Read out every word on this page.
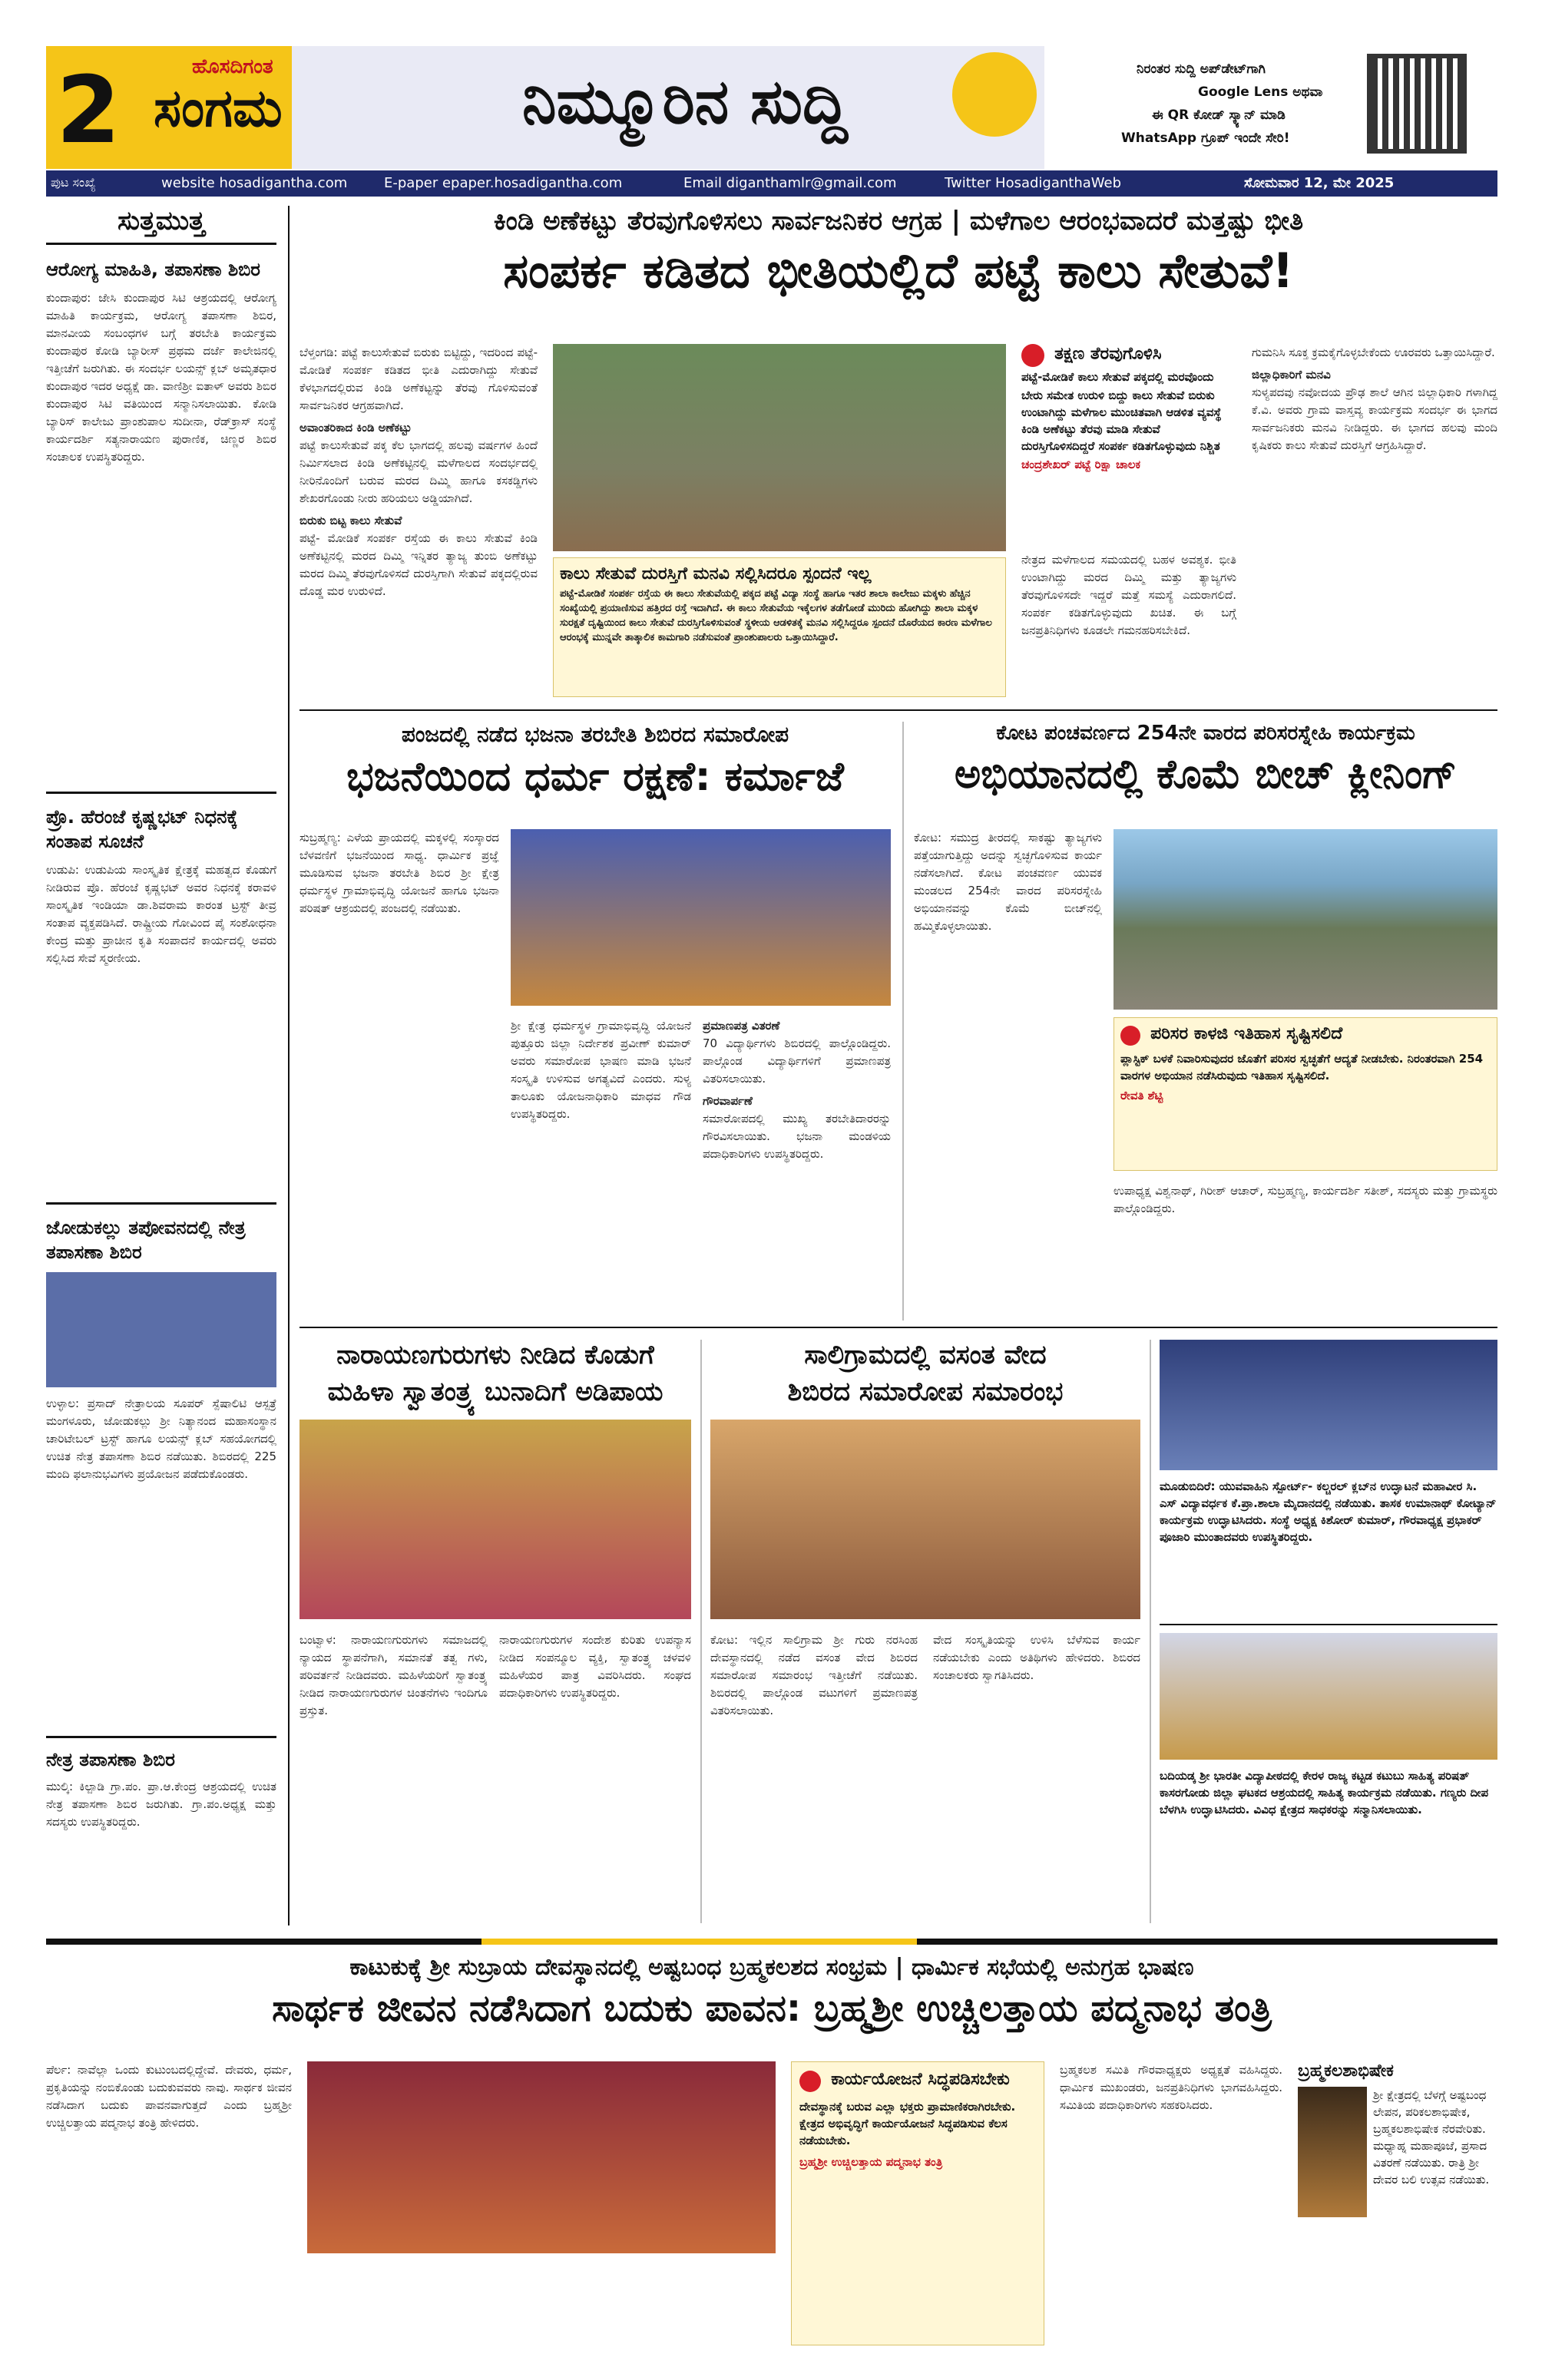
2	ಹೊಸದಿಗಂತ
ಸಂಗಮ	ನಿಮ್ಮೂರಿನ ಸುದ್ದಿ	ನಿರಂತರ ಸುದ್ದಿ ಅಪ್‌ಡೇಟ್‌ಗಾಗಿ
Google Lens ಅಥವಾ
ಈ QR ಕೋಡ್ ಸ್ಕ್ಯಾನ್ ಮಾಡಿ
WhatsApp ಗ್ರೂಪ್ ಇಂದೇ ಸೇರಿ!
ಪುಟ ಸಂಖ್ಯೆ	website hosadigantha.com	E-paper epaper.hosadigantha.com	Email diganthamlr@gmail.com	Twitter HosadiganthaWeb	ಸೋಮವಾರ 12, ಮೇ 2025
ಸುತ್ತಮುತ್ತ
ಆರೋಗ್ಯ ಮಾಹಿತಿ, ತಪಾಸಣಾ ಶಿಬಿರ
ಕುಂದಾಪುರ: ಜೇಸಿ ಕುಂದಾಪುರ ಸಿಟಿ ಆಶ್ರಯದಲ್ಲಿ ಆರೋಗ್ಯ ಮಾಹಿತಿ ಕಾರ್ಯಕ್ರಮ, ಆರೋಗ್ಯ ತಪಾಸಣಾ ಶಿಬಿರ, ಮಾನವೀಯ ಸಂಬಂಧಗಳ ಬಗ್ಗೆ ತರಬೇತಿ ಕಾರ್ಯಕ್ರಮ ಕುಂದಾಪುರ ಕೋಡಿ ಬ್ಯಾರೀಸ್ ಪ್ರಥಮ ದರ್ಜೆ ಕಾಲೇಜಿನಲ್ಲಿ ಇತ್ತೀಚೆಗೆ ಜರುಗಿತು. ಈ ಸಂದರ್ಭ ಲಯನ್ಸ್ ಕ್ಲಬ್ ಅಮೃತಧಾರ ಕುಂದಾಪುರ ಇದರ ಅಧ್ಯಕ್ಷೆ ಡಾ. ವಾಣಿಶ್ರೀ ಐತಾಳ್ ಅವರು ಶಿಬಿರ ಕುಂದಾಪುರ ಸಿಟಿ ವತಿಯಿಂದ ಸನ್ಮಾನಿಸಲಾಯಿತು. ಕೋಡಿ ಬ್ಯಾರಿಸ್ ಕಾಲೇಜು ಪ್ರಾಂಶುಪಾಲ ಸುದೀನಾ, ರೆಡ್‌ಕ್ರಾಸ್ ಸಂಸ್ಥೆ ಕಾರ್ಯದರ್ಶಿ ಸತ್ಯನಾರಾಯಣ ಪುರಾಣಿಕ, ಚಿಣ್ಣರ ಶಿಬಿರ ಸಂಚಾಲಕ ಉಪಸ್ಥಿತರಿದ್ದರು.
ಪ್ರೊ. ಹೆರಂಜೆ ಕೃಷ್ಣಭಟ್ ನಿಧನಕ್ಕೆ ಸಂತಾಪ ಸೂಚನೆ
ಉಡುಪಿ: ಉಡುಪಿಯ ಸಾಂಸ್ಕೃತಿಕ ಕ್ಷೇತ್ರಕ್ಕೆ ಮಹತ್ವದ ಕೊಡುಗೆ ನೀಡಿರುವ ಪ್ರೊ. ಹೆರಂಜೆ ಕೃಷ್ಣಭಟ್ ಅವರ ನಿಧನಕ್ಕೆ ಕರಾವಳಿ ಸಾಂಸ್ಕೃತಿಕ ಇಂಡಿಯಾ ಡಾ.ಶಿವರಾಮ ಕಾರಂತ ಟ್ರಸ್ಟ್ ತೀವ್ರ ಸಂತಾಪ ವ್ಯಕ್ತಪಡಿಸಿದೆ. ರಾಷ್ಟ್ರೀಯ ಗೋವಿಂದ ಪೈ ಸಂಶೋಧನಾ ಕೇಂದ್ರ ಮತ್ತು ಪ್ರಾಚೀನ ಕೃತಿ ಸಂಪಾದನೆ ಕಾರ್ಯದಲ್ಲಿ ಅವರು ಸಲ್ಲಿಸಿದ ಸೇವೆ ಸ್ಮರಣೀಯ.
ಜೋಡುಕಲ್ಲು ತಪೋವನದಲ್ಲಿ ನೇತ್ರ ತಪಾಸಣಾ ಶಿಬಿರ
ಉಳ್ಳಾಲ: ಪ್ರಸಾದ್ ನೇತ್ರಾಲಯ ಸೂಪರ್ ಸ್ಪೆಷಾಲಿಟಿ ಆಸ್ಪತ್ರೆ ಮಂಗಳೂರು, ಜೋಡುಕಲ್ಲು ಶ್ರೀ ನಿತ್ಯಾನಂದ ಮಹಾಸಂಸ್ಥಾನ ಚಾರಿಟೇಬಲ್ ಟ್ರಸ್ಟ್ ಹಾಗೂ ಲಯನ್ಸ್ ಕ್ಲಬ್ ಸಹಯೋಗದಲ್ಲಿ ಉಚಿತ ನೇತ್ರ ತಪಾಸಣಾ ಶಿಬಿರ ನಡೆಯಿತು. ಶಿಬಿರದಲ್ಲಿ 225 ಮಂದಿ ಫಲಾನುಭವಿಗಳು ಪ್ರಯೋಜನ ಪಡೆದುಕೊಂಡರು.
ನೇತ್ರ ತಪಾಸಣಾ ಶಿಬಿರ
ಮುಲ್ಕಿ: ಕಿಲ್ಪಾಡಿ ಗ್ರಾ.ಪಂ. ಪ್ರಾ.ಆ.ಕೇಂದ್ರ ಆಶ್ರಯದಲ್ಲಿ ಉಚಿತ ನೇತ್ರ ತಪಾಸಣಾ ಶಿಬಿರ ಜರುಗಿತು. ಗ್ರಾ.ಪಂ.ಅಧ್ಯಕ್ಷ ಮತ್ತು ಸದಸ್ಯರು ಉಪಸ್ಥಿತರಿದ್ದರು.
ಕಿಂಡಿ ಅಣೆಕಟ್ಟು ತೆರವುಗೊಳಿಸಲು ಸಾರ್ವಜನಿಕರ ಆಗ್ರಹ | ಮಳೆಗಾಲ ಆರಂಭವಾದರೆ ಮತ್ತಷ್ಟು ಭೀತಿ
ಸಂಪರ್ಕ ಕಡಿತದ ಭೀತಿಯಲ್ಲಿದೆ ಪಟ್ಟೆ ಕಾಲು ಸೇತುವೆ!
ಬೆಳ್ತಂಗಡಿ: ಪಟ್ಟೆ ಕಾಲುಸೇತುವೆ ಬಿರುಕು ಬಿಟ್ಟಿದ್ದು, ಇದರಿಂದ ಪಟ್ಟೆ- ಮೋಡಿಕೆ ಸಂಪರ್ಕ ಕಡಿತದ ಭೀತಿ ಎದುರಾಗಿದ್ದು ಸೇತುವೆ ಕೆಳಭಾಗದಲ್ಲಿರುವ ಕಿಂಡಿ ಅಣೆಕಟ್ಟನ್ನು ತೆರವು ಗೊಳಿಸುವಂತೆ ಸಾರ್ವಜನಿಕರ ಆಗ್ರಹವಾಗಿದೆ.
ಅವಾಂತರಿಕಾದ ಕಿಂಡಿ ಅಣೆಕಟ್ಟು
ಪಟ್ಟೆ ಕಾಲುಸೇತುವೆ ಪಕ್ಕ ಕೆಲ ಭಾಗದಲ್ಲಿ ಹಲವು ವರ್ಷಗಳ ಹಿಂದೆ ನಿರ್ಮಿಸಲಾದ ಕಿಂಡಿ ಅಣೆಕಟ್ಟಿನಲ್ಲಿ ಮಳೆಗಾಲದ ಸಂದರ್ಭದಲ್ಲಿ ನೀರಿನೊಂದಿಗೆ ಬರುವ ಮರದ ದಿಮ್ಮಿ ಹಾಗೂ ಕಸಕಡ್ಡಿಗಳು ಶೇಖರಗೊಂಡು ನೀರು ಹರಿಯಲು ಅಡ್ಡಿಯಾಗಿದೆ.
ಬಿರುಕು ಬಿಟ್ಟ ಕಾಲು ಸೇತುವೆ
ಪಟ್ಟೆ- ಮೋಡಿಕೆ ಸಂಪರ್ಕ ರಸ್ತೆಯ ಈ ಕಾಲು ಸೇತುವೆ ಕಿಂಡಿ ಅಣೆಕಟ್ಟಿನಲ್ಲಿ ಮರದ ದಿಮ್ಮಿ ಇನ್ನಿತರ ತ್ಯಾಜ್ಯ ತುಂಬಿ ಅಣೆಕಟ್ಟು ಮರದ ದಿಮ್ಮಿ ತೆರವುಗೊಳಿಸದೆ ದುರಸ್ತಿಗಾಗಿ ಸೇತುವೆ ಪಕ್ಕದಲ್ಲಿರುವ ದೊಡ್ಡ ಮರ ಉರುಳಿದೆ.
ಕಾಲು ಸೇತುವೆ ದುರಸ್ತಿಗೆ ಮನವಿ ಸಲ್ಲಿಸಿದರೂ ಸ್ಪಂದನೆ ಇಲ್ಲ
ಪಟ್ಟೆ-ಮೋಡಿಕೆ ಸಂಪರ್ಕ ರಸ್ತೆಯ ಈ ಕಾಲು ಸೇತುವೆಯಲ್ಲಿ ಪಕ್ಕದ ಪಟ್ಟೆ ವಿದ್ಯಾ ಸಂಸ್ಥೆ ಹಾಗೂ ಇತರ ಶಾಲಾ ಕಾಲೇಜು ಮಕ್ಕಳು ಹೆಚ್ಚಿನ ಸಂಖ್ಯೆಯಲ್ಲಿ ಪ್ರಯಾಣಿಸುವ ಹತ್ತಿರದ ರಸ್ತೆ ಇದಾಗಿದೆ. ಈ ಕಾಲು ಸೇತುವೆಯ ಇಕ್ಕೆಲಗಳ ತಡೆಗೋಡೆ ಮುರಿದು ಹೋಗಿದ್ದು ಶಾಲಾ ಮಕ್ಕಳ ಸುರಕ್ಷತೆ ದೃಷ್ಟಿಯಿಂದ ಕಾಲು ಸೇತುವೆ ದುರಸ್ತಿಗೊಳಿಸುವಂತೆ ಸ್ಥಳೀಯ ಆಡಳಿತಕ್ಕೆ ಮನವಿ ಸಲ್ಲಿಸಿದ್ದರೂ ಸ್ಪಂದನೆ ದೊರೆಯದ ಕಾರಣ ಮಳೆಗಾಲ ಆರಂಭಕ್ಕೆ ಮುನ್ನವೇ ತಾತ್ಕಾಲಿಕ ಕಾಮಗಾರಿ ನಡೆಸುವಂತೆ ಪ್ರಾಂಶುಪಾಲರು ಒತ್ತಾಯಿಸಿದ್ದಾರೆ.
ತಕ್ಷಣ ತೆರವುಗೊಳಿಸಿ
ಪಟ್ಟೆ-ಮೋಡಿಕೆ ಕಾಲು ಸೇತುವೆ ಪಕ್ಕದಲ್ಲಿ ಮರವೊಂದು
ಬೇರು ಸಮೇತ ಉರುಳಿ ಬಿದ್ದು ಕಾಲು ಸೇತುವೆ ಬಿರುಕು ಉಂಟಾಗಿದ್ದು ಮಳೆಗಾಲ ಮುಂಚಿತವಾಗಿ ಆಡಳಿತ ವ್ಯವಸ್ಥೆ ಕಿಂಡಿ ಅಣೆಕಟ್ಟು ತೆರವು ಮಾಡಿ ಸೇತುವೆ ದುರಸ್ತಿಗೊಳಿಸದಿದ್ದರೆ ಸಂಪರ್ಕ ಕಡಿತಗೊಳ್ಳುವುದು ನಿಶ್ಚಿತ
ಚಂದ್ರಶೇಖರ್ ಪಟ್ಟೆ ರಿಕ್ಷಾ ಚಾಲಕ
ನೇತ್ರದ ಮಳೆಗಾಲದ ಸಮಯದಲ್ಲಿ ಬಹಳ ಅವಶ್ಯಕ. ಭೀತಿ ಉಂಟಾಗಿದ್ದು ಮರದ ದಿಮ್ಮಿ ಮತ್ತು ತ್ಯಾಜ್ಯಗಳು ತೆರವುಗೊಳಿಸದೇ ಇದ್ದರೆ ಮತ್ತೆ ಸಮಸ್ಯೆ ಎದುರಾಗಲಿದೆ. ಸಂಪರ್ಕ ಕಡಿತಗೊಳ್ಳುವುದು ಖಚಿತ. ಈ ಬಗ್ಗೆ ಜನಪ್ರತಿನಿಧಿಗಳು ಕೂಡಲೇ ಗಮನಹರಿಸಬೇಕಿದೆ.
ಗುಮನಿಸಿ ಸೂಕ್ತ ಕ್ರಮಕೈಗೊಳ್ಳಬೇಕೆಂದು ಊರವರು ಒತ್ತಾಯಿಸಿದ್ದಾರೆ.
ಜಿಲ್ಲಾಧಿಕಾರಿಗೆ ಮನವಿ
ಸುಳ್ಯಪದವು ನವೋದಯ ಪ್ರೌಢ ಶಾಲೆ ಆಗಿನ ಜಿಲ್ಲಾಧಿಕಾರಿ ಗಳಾಗಿದ್ದ ಕೆ.ವಿ. ಅವರು ಗ್ರಾಮ ವಾಸ್ತವ್ಯ ಕಾರ್ಯಕ್ರಮ ಸಂದರ್ಭ ಈ ಭಾಗದ ಸಾರ್ವಜನಿಕರು ಮನವಿ ನೀಡಿದ್ದರು. ಈ ಭಾಗದ ಹಲವು ಮಂದಿ ಕೃಷಿಕರು ಕಾಲು ಸೇತುವೆ ದುರಸ್ತಿಗೆ ಆಗ್ರಹಿಸಿದ್ದಾರೆ.
ಪಂಜದಲ್ಲಿ ನಡೆದ ಭಜನಾ ತರಬೇತಿ ಶಿಬಿರದ ಸಮಾರೋಪ
ಭಜನೆಯಿಂದ ಧರ್ಮ ರಕ್ಷಣೆ: ಕರ್ಮಾಜೆ
ಸುಬ್ರಹ್ಮಣ್ಯ: ಎಳೆಯ ಪ್ರಾಯದಲ್ಲಿ ಮಕ್ಕಳಲ್ಲಿ ಸಂಸ್ಕಾರದ ಬೆಳವಣಿಗೆ ಭಜನೆಯಿಂದ ಸಾಧ್ಯ. ಧಾರ್ಮಿಕ ಪ್ರಜ್ಞೆ ಮೂಡಿಸುವ ಭಜನಾ ತರಬೇತಿ ಶಿಬಿರ ಶ್ರೀ ಕ್ಷೇತ್ರ ಧರ್ಮಸ್ಥಳ ಗ್ರಾಮಾಭಿವೃದ್ಧಿ ಯೋಜನೆ ಹಾಗೂ ಭಜನಾ ಪರಿಷತ್ ಆಶ್ರಯದಲ್ಲಿ ಪಂಜದಲ್ಲಿ ನಡೆಯಿತು.
ಶ್ರೀ ಕ್ಷೇತ್ರ ಧರ್ಮಸ್ಥಳ ಗ್ರಾಮಾಭಿವೃದ್ಧಿ ಯೋಜನೆ ಪುತ್ತೂರು ಜಿಲ್ಲಾ ನಿರ್ದೇಶಕ ಪ್ರವೀಣ್ ಕುಮಾರ್ ಅವರು ಸಮಾರೋಪ ಭಾಷಣ ಮಾಡಿ ಭಜನೆ ಸಂಸ್ಕೃತಿ ಉಳಿಸುವ ಅಗತ್ಯವಿದೆ ಎಂದರು. ಸುಳ್ಯ ತಾಲೂಕು ಯೋಜನಾಧಿಕಾರಿ ಮಾಧವ ಗೌಡ ಉಪಸ್ಥಿತರಿದ್ದರು.
ಪ್ರಮಾಣಪತ್ರ ವಿತರಣೆ
70 ವಿದ್ಯಾರ್ಥಿಗಳು ಶಿಬಿರದಲ್ಲಿ ಪಾಲ್ಗೊಂಡಿದ್ದರು. ಪಾಲ್ಗೊಂಡ ವಿದ್ಯಾರ್ಥಿಗಳಿಗೆ ಪ್ರಮಾಣಪತ್ರ ವಿತರಿಸಲಾಯಿತು.
ಗೌರವಾರ್ಪಣೆ
ಸಮಾರೋಪದಲ್ಲಿ ಮುಖ್ಯ ತರಬೇತಿದಾರರನ್ನು ಗೌರವಿಸಲಾಯಿತು. ಭಜನಾ ಮಂಡಳಿಯ ಪದಾಧಿಕಾರಿಗಳು ಉಪಸ್ಥಿತರಿದ್ದರು.
ಕೋಟ ಪಂಚವರ್ಣದ 254ನೇ ವಾರದ ಪರಿಸರಸ್ನೇಹಿ ಕಾರ್ಯಕ್ರಮ
ಅಭಿಯಾನದಲ್ಲಿ ಕೊಮೆ ಬೀಚ್ ಕ್ಲೀನಿಂಗ್
ಕೋಟ: ಸಮುದ್ರ ತೀರದಲ್ಲಿ ಸಾಕಷ್ಟು ತ್ಯಾಜ್ಯಗಳು ಪತ್ತೆಯಾಗುತ್ತಿದ್ದು ಅದನ್ನು ಸ್ವಚ್ಛಗೊಳಿಸುವ ಕಾರ್ಯ ನಡೆಸಲಾಗಿದೆ. ಕೋಟ ಪಂಚವರ್ಣ ಯುವಕ ಮಂಡಲದ 254ನೇ ವಾರದ ಪರಿಸರಸ್ನೇಹಿ ಅಭಿಯಾನವನ್ನು ಕೊಮೆ ಬೀಚ್‌ನಲ್ಲಿ ಹಮ್ಮಿಕೊಳ್ಳಲಾಯಿತು.
ಪರಿಸರ ಕಾಳಜಿ ಇತಿಹಾಸ ಸೃಷ್ಟಿಸಲಿದೆ
ಪ್ಲಾಸ್ಟಿಕ್ ಬಳಕೆ ನಿವಾರಿಸುವುದರ ಜೊತೆಗೆ ಪರಿಸರ ಸ್ವಚ್ಛತೆಗೆ ಆದ್ಯತೆ ನೀಡಬೇಕು. ನಿರಂತರವಾಗಿ 254 ವಾರಗಳ ಅಭಿಯಾನ ನಡೆಸಿರುವುದು ಇತಿಹಾಸ ಸೃಷ್ಟಿಸಲಿದೆ.
ರೇವತಿ ಶೆಟ್ಟಿ
ಉಪಾಧ್ಯಕ್ಷ ವಿಶ್ವನಾಥ್, ಗಿರೀಶ್ ಆಚಾರ್, ಸುಬ್ರಹ್ಮಣ್ಯ, ಕಾರ್ಯದರ್ಶಿ ಸತೀಶ್, ಸದಸ್ಯರು ಮತ್ತು ಗ್ರಾಮಸ್ಥರು ಪಾಲ್ಗೊಂಡಿದ್ದರು.
ನಾರಾಯಣಗುರುಗಳು ನೀಡಿದ ಕೊಡುಗೆ
ಮಹಿಳಾ ಸ್ವಾತಂತ್ರ್ಯ ಬುನಾದಿಗೆ ಅಡಿಪಾಯ
ಬಂಟ್ವಾಳ: ನಾರಾಯಣಗುರುಗಳು ಸಮಾಜದಲ್ಲಿ ನ್ಯಾಯದ ಸ್ಥಾಪನೆಗಾಗಿ, ಸಮಾನತೆ ತತ್ವ ಗಳು, ಪರಿವರ್ತನೆ ನೀಡಿದವರು. ಮಹಿಳೆಯರಿಗೆ ಸ್ವಾತಂತ್ರ್ಯ ನೀಡಿದ ನಾರಾಯಣಗುರುಗಳ ಚಿಂತನೆಗಳು ಇಂದಿಗೂ ಪ್ರಸ್ತುತ.
ನಾರಾಯಣಗುರುಗಳ ಸಂದೇಶ ಕುರಿತು ಉಪನ್ಯಾಸ ನೀಡಿದ ಸಂಪನ್ಮೂಲ ವ್ಯಕ್ತಿ, ಸ್ವಾತಂತ್ರ್ಯ ಚಳವಳಿ ಮಹಿಳೆಯರ ಪಾತ್ರ ವಿವರಿಸಿದರು. ಸಂಘದ ಪದಾಧಿಕಾರಿಗಳು ಉಪಸ್ಥಿತರಿದ್ದರು.
ಸಾಲಿಗ್ರಾಮದಲ್ಲಿ ವಸಂತ ವೇದ
ಶಿಬಿರದ ಸಮಾರೋಪ ಸಮಾರಂಭ
ಕೋಟ: ಇಲ್ಲಿನ ಸಾಲಿಗ್ರಾಮ ಶ್ರೀ ಗುರು ನರಸಿಂಹ ದೇವಸ್ಥಾನದಲ್ಲಿ ನಡೆದ ವಸಂತ ವೇದ ಶಿಬಿರದ ಸಮಾರೋಪ ಸಮಾರಂಭ ಇತ್ತೀಚೆಗೆ ನಡೆಯಿತು. ಶಿಬಿರದಲ್ಲಿ ಪಾಲ್ಗೊಂಡ ವಟುಗಳಿಗೆ ಪ್ರಮಾಣಪತ್ರ ವಿತರಿಸಲಾಯಿತು.
ವೇದ ಸಂಸ್ಕೃತಿಯನ್ನು ಉಳಿಸಿ ಬೆಳೆಸುವ ಕಾರ್ಯ ನಡೆಯಬೇಕು ಎಂದು ಅತಿಥಿಗಳು ಹೇಳಿದರು. ಶಿಬಿರದ ಸಂಚಾಲಕರು ಸ್ವಾಗತಿಸಿದರು.
ಮೂಡುಬಿದಿರೆ: ಯುವವಾಹಿನಿ ಸ್ಪೋರ್ಟ್- ಕಲ್ಚರಲ್ ಕ್ಲಬ್‌ನ ಉದ್ಘಾಟನೆ ಮಹಾವೀರ ಸಿ. ಎಸ್ ವಿದ್ಯಾವರ್ಧಕ ಕೆ.ಪ್ರಾ.ಶಾಲಾ ಮೈದಾನದಲ್ಲಿ ನಡೆಯಿತು. ತಾಸಕ ಉಮಾನಾಥ್ ಕೋಟ್ಯಾನ್ ಕಾರ್ಯಕ್ರಮ ಉದ್ಘಾಟಿಸಿದರು. ಸಂಸ್ಥೆ ಅಧ್ಯಕ್ಷ ಕಿಶೋರ್ ಕುಮಾರ್, ಗೌರವಾಧ್ಯಕ್ಷ ಪ್ರಭಾಕರ್ ಪೂಜಾರಿ ಮುಂತಾದವರು ಉಪಸ್ಥಿತರಿದ್ದರು.
ಬದಿಯಡ್ಕ ಶ್ರೀ ಭಾರತೀ ವಿದ್ಯಾಪೀಠದಲ್ಲಿ ಕೇರಳ ರಾಜ್ಯ ಕಟ್ಟಡ ಕಟುಬು ಸಾಹಿತ್ಯ ಪರಿಷತ್ ಕಾಸರಗೋಡು ಜಿಲ್ಲಾ ಘಟಕದ ಆಶ್ರಯದಲ್ಲಿ ಸಾಹಿತ್ಯ ಕಾರ್ಯಕ್ರಮ ನಡೆಯಿತು. ಗಣ್ಯರು ದೀಪ ಬೆಳಗಿಸಿ ಉದ್ಘಾಟಿಸಿದರು. ವಿವಿಧ ಕ್ಷೇತ್ರದ ಸಾಧಕರನ್ನು ಸನ್ಮಾನಿಸಲಾಯಿತು.
ಕಾಟುಕುಕ್ಕೆ ಶ್ರೀ ಸುಬ್ರಾಯ ದೇವಸ್ಥಾನದಲ್ಲಿ ಅಷ್ಟಬಂಧ ಬ್ರಹ್ಮಕಲಶದ ಸಂಭ್ರಮ | ಧಾರ್ಮಿಕ ಸಭೆಯಲ್ಲಿ ಅನುಗ್ರಹ ಭಾಷಣ
ಸಾರ್ಥಕ ಜೀವನ ನಡೆಸಿದಾಗ ಬದುಕು ಪಾವನ: ಬ್ರಹ್ಮಶ್ರೀ ಉಚ್ಚಿಲತ್ತಾಯ ಪದ್ಮನಾಭ ತಂತ್ರಿ
ಪೆರ್ಲ: ನಾವೆಲ್ಲಾ ಒಂದು ಕುಟುಂಬದಲ್ಲಿದ್ದೇವೆ. ದೇವರು, ಧರ್ಮ, ಪ್ರಕೃತಿಯನ್ನು ನಂಬಿಕೊಂಡು ಬದುಕುವವರು ನಾವು. ಸಾರ್ಥಕ ಜೀವನ ನಡೆಸಿದಾಗ ಬದುಕು ಪಾವನವಾಗುತ್ತದೆ ಎಂದು ಬ್ರಹ್ಮಶ್ರೀ ಉಚ್ಚಿಲತ್ತಾಯ ಪದ್ಮನಾಭ ತಂತ್ರಿ ಹೇಳಿದರು.
ಕಾರ್ಯಯೋಜನೆ ಸಿದ್ಧಪಡಿಸಬೇಕು
ದೇವಸ್ಥಾನಕ್ಕೆ ಬರುವ ಎಲ್ಲಾ ಭಕ್ತರು ಪ್ರಾಮಾಣಿಕರಾಗಿರಬೇಕು. ಕ್ಷೇತ್ರದ ಅಭಿವೃದ್ಧಿಗೆ ಕಾರ್ಯಯೋಜನೆ ಸಿದ್ಧಪಡಿಸುವ ಕೆಲಸ ನಡೆಯಬೇಕು.
ಬ್ರಹ್ಮಶ್ರೀ ಉಚ್ಚಿಲತ್ತಾಯ ಪದ್ಮನಾಭ ತಂತ್ರಿ
ಬ್ರಹ್ಮಕಲಶ ಸಮಿತಿ ಗೌರವಾಧ್ಯಕ್ಷರು ಅಧ್ಯಕ್ಷತೆ ವಹಿಸಿದ್ದರು. ಧಾರ್ಮಿಕ ಮುಖಂಡರು, ಜನಪ್ರತಿನಿಧಿಗಳು ಭಾಗವಹಿಸಿದ್ದರು. ಸಮಿತಿಯ ಪದಾಧಿಕಾರಿಗಳು ಸಹಕರಿಸಿದರು.
ಬ್ರಹ್ಮಕಲಶಾಭಿಷೇಕ
ಶ್ರೀ ಕ್ಷೇತ್ರದಲ್ಲಿ ಬೆಳಗ್ಗೆ ಅಷ್ಟಬಂಧ ಲೇಪನ, ಪರಿಕಲಶಾಭಿಷೇಕ, ಬ್ರಹ್ಮಕಲಶಾಭಿಷೇಕ ನೆರವೇರಿತು. ಮಧ್ಯಾಹ್ನ ಮಹಾಪೂಜೆ, ಪ್ರಸಾದ ವಿತರಣೆ ನಡೆಯಿತು. ರಾತ್ರಿ ಶ್ರೀ ದೇವರ ಬಲಿ ಉತ್ಸವ ನಡೆಯಿತು.
